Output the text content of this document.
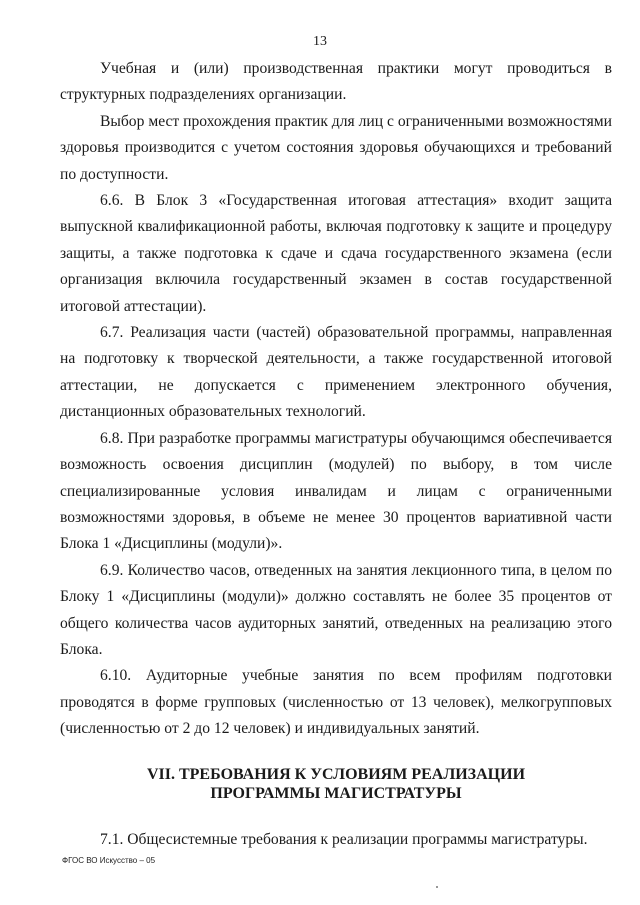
13

Учебная и (или) производственная практики могут проводиться в структурных подразделениях организации.

Выбор мест прохождения практик для лиц с ограниченными возможностями здоровья производится с учетом состояния здоровья обучающихся и требований по доступности.

6.6. В Блок 3 «Государственная итоговая аттестация» входит защита выпускной квалификационной работы, включая подготовку к защите и процедуру защиты, а также подготовка к сдаче и сдача государственного экзамена (если организация включила государственный экзамен в состав государственной итоговой аттестации).

6.7. Реализация части (частей) образовательной программы, направленная на подготовку к творческой деятельности, а также государственной итоговой аттестации, не допускается с применением электронного обучения, дистанционных образовательных технологий.

6.8. При разработке программы магистратуры обучающимся обеспечивается возможность освоения дисциплин (модулей) по выбору, в том числе специализированные условия инвалидам и лицам с ограниченными возможностями здоровья, в объеме не менее 30 процентов вариативной части Блока 1 «Дисциплины (модули)».

6.9. Количество часов, отведенных на занятия лекционного типа, в целом по Блоку 1 «Дисциплины (модули)» должно составлять не более 35 процентов от общего количества часов аудиторных занятий, отведенных на реализацию этого Блока.

6.10. Аудиторные учебные занятия по всем профилям подготовки проводятся в форме групповых (численностью от 13 человек), мелкогрупповых (численностью от 2 до 12 человек) и индивидуальных занятий.

VII. ТРЕБОВАНИЯ К УСЛОВИЯМ РЕАЛИЗАЦИИ ПРОГРАММЫ МАГИСТРАТУРЫ

7.1. Общесистемные требования к реализации программы магистратуры.

ФГОС ВО Искусство – 05
